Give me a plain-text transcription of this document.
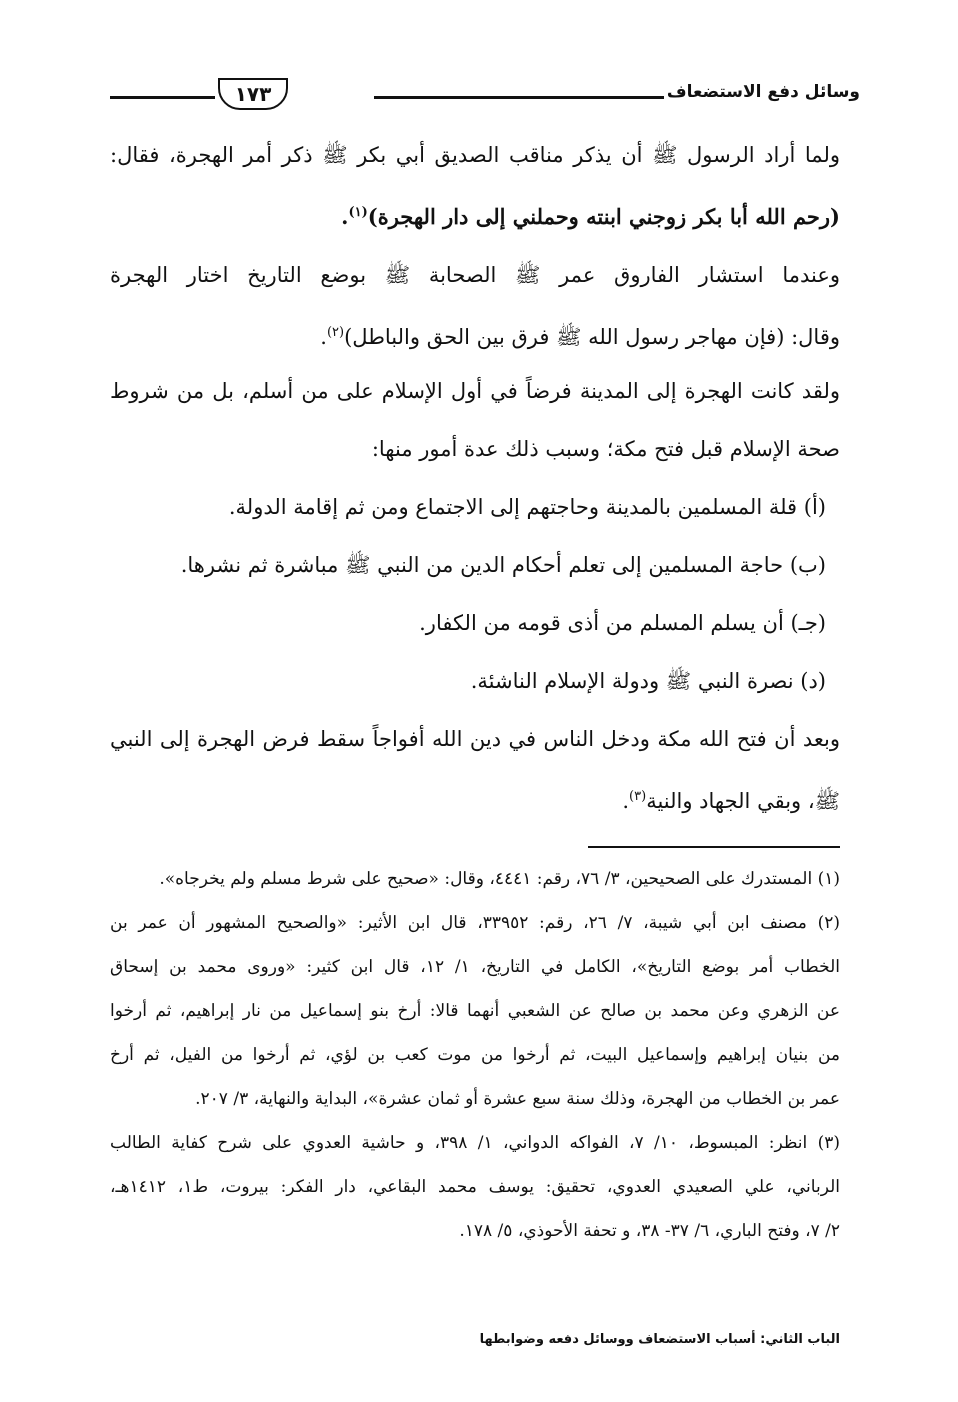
وسائل دفع الاستضعاف
١٧٣
ولما أراد الرسول ﷺ أن يذكر مناقب الصديق أبي بكر ﷺ ذكر أمر الهجرة، فقال:
(رحم الله أبا بكر زوجني ابنته وحملني إلى دار الهجرة)$^{(١)}$.
وعندما استشار الفاروق عمر ﷺ الصحابة ﷺ بوضع التاريخ اختار الهجرة
وقال: (فإن مهاجر رسول الله ﷺ فرق بين الحق والباطل)$^{(٢)}$.
ولقد كانت الهجرة إلى المدينة فرضاً في أول الإسلام على من أسلم، بل من شروط
صحة الإسلام قبل فتح مكة؛ وسبب ذلك عدة أمور منها:
(أ) قلة المسلمين بالمدينة وحاجتهم إلى الاجتماع ومن ثم إقامة الدولة.
(ب) حاجة المسلمين إلى تعلم أحكام الدين من النبي ﷺ مباشرة ثم نشرها.
(جـ) أن يسلم المسلم من أذى قومه من الكفار.
(د) نصرة النبي ﷺ ودولة الإسلام الناشئة.
وبعد أن فتح الله مكة ودخل الناس في دين الله أفواجاً سقط فرض الهجرة إلى النبي
ﷺ، وبقي الجهاد والنية$^{(٣)}$.
(١) المستدرك على الصحيحين، ٣/ ٧٦، رقم: ٤٤٤١، وقال: «صحيح على شرط مسلم ولم يخرجاه».
(٢) مصنف ابن أبي شيبة، ٧/ ٢٦، رقم: ٣٣٩٥٢، قال ابن الأثير: «والصحيح المشهور أن عمر بن
الخطاب أمر بوضع التاريخ»، الكامل في التاريخ، ١/ ١٢، قال ابن كثير: «وروى محمد بن إسحاق
عن الزهري وعن محمد بن صالح عن الشعبي أنهما قالا: أرخ بنو إسماعيل من نار إبراهيم، ثم أرخوا
من بنيان إبراهيم وإسماعيل البيت، ثم أرخوا من موت كعب بن لؤي، ثم أرخوا من الفيل، ثم أرخ
عمر بن الخطاب من الهجرة، وذلك سنة سبع عشرة أو ثمان عشرة»، البداية والنهاية، ٣/ ٢٠٧.
(٣) انظر: المبسوط، ١٠/ ٧، الفواكه الدواني، ١/ ٣٩٨، و حاشية العدوي على شرح كفاية الطالب
الرباني، علي الصعيدي العدوي، تحقيق: يوسف محمد البقاعي، دار الفكر: بيروت، ط١، ١٤١٢هـ،
٢/ ٧، وفتح الباري، ٦/ ٣٧- ٣٨، و تحفة الأحوذي، ٥/ ١٧٨.
الباب الثاني: أسباب الاستضعاف ووسائل دفعه وضوابطها
